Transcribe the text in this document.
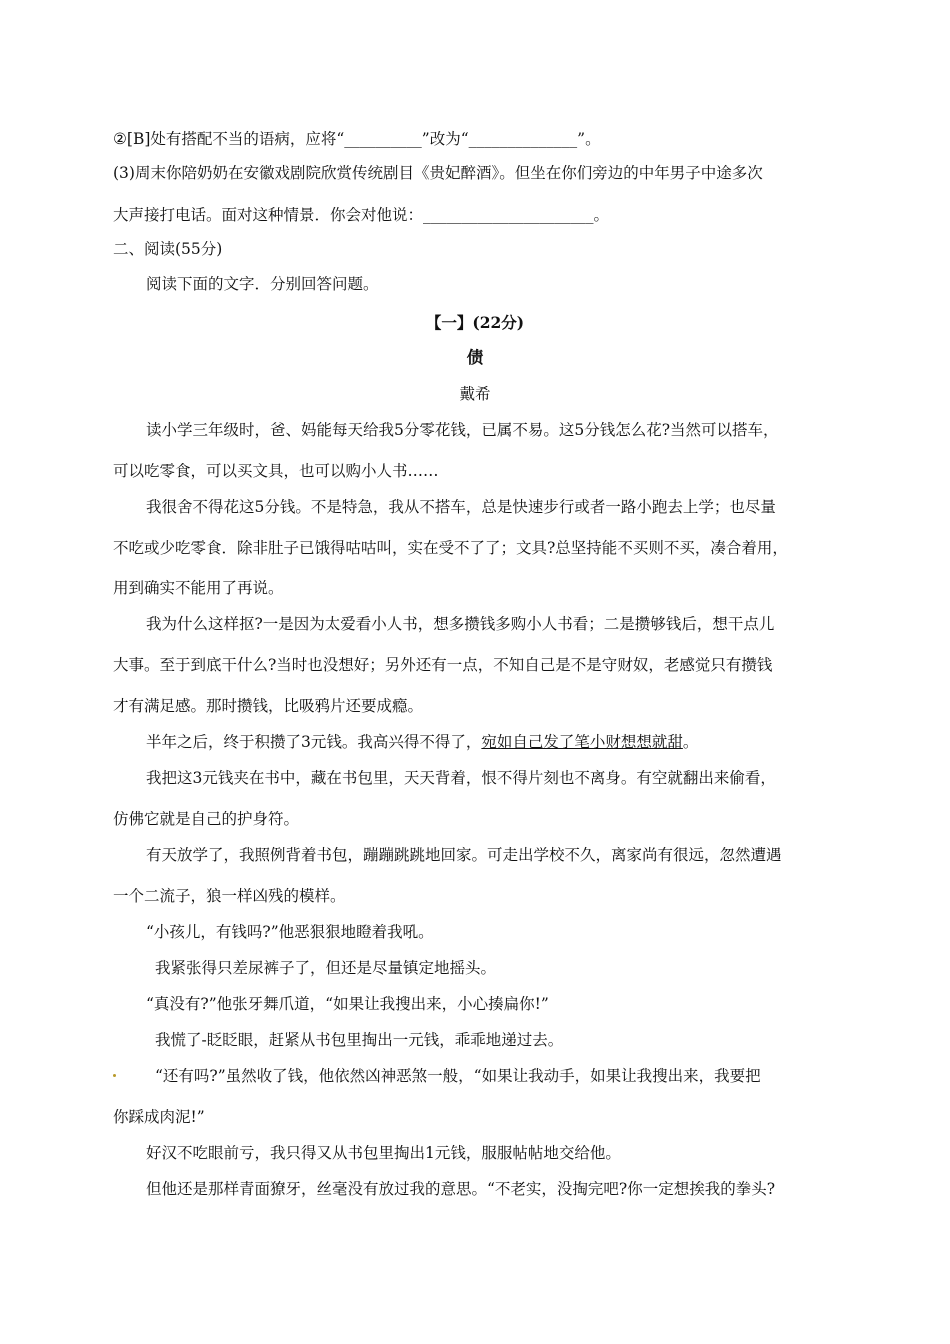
②[B]处有搭配不当的语病，应将“__________”改为“______________”。
(3)周末你陪奶奶在安徽戏剧院欣赏传统剧目《贵妃醉酒》。但坐在你们旁边的中年男子中途多次
大声接打电话。面对这种情景．你会对他说：______________________。
二、阅读(55分)
阅读下面的文字．分别回答问题。
【一】(22分)
债
戴希
读小学三年级时，爸、妈能每天给我5分零花钱，已属不易。这5分钱怎么花?当然可以搭车，
可以吃零食，可以买文具，也可以购小人书……
我很舍不得花这5分钱。不是特急，我从不搭车，总是快速步行或者一路小跑去上学；也尽量
不吃或少吃零食．除非肚子已饿得咕咕叫，实在受不了了；文具?总坚持能不买则不买，凑合着用，
用到确实不能用了再说。
我为什么这样抠?一是因为太爱看小人书，想多攒钱多购小人书看；二是攒够钱后，想干点儿
大事。至于到底干什么?当时也没想好；另外还有一点，不知自己是不是守财奴，老感觉只有攒钱
才有满足感。那时攒钱，比吸鸦片还要成瘾。
半年之后，终于积攒了3元钱。我高兴得不得了，宛如自己发了笔小财想想就甜。
我把这3元钱夹在书中，藏在书包里，天天背着，恨不得片刻也不离身。有空就翻出来偷看，
仿佛它就是自己的护身符。
有天放学了，我照例背着书包，蹦蹦跳跳地回家。可走出学校不久，离家尚有很远，忽然遭遇
一个二流子，狼一样凶残的模样。
“小孩儿，有钱吗?”他恶狠狠地瞪着我吼。
我紧张得只差尿裤子了，但还是尽量镇定地摇头。
“真没有?”他张牙舞爪道，“如果让我搜出来，小心揍扁你!”
我慌了-眨眨眼，赶紧从书包里掏出一元钱，乖乖地递过去。
“还有吗?”虽然收了钱，他依然凶神恶煞一般，“如果让我动手，如果让我搜出来，我要把
你踩成肉泥!”
好汉不吃眼前亏，我只得又从书包里掏出1元钱，服服帖帖地交给他。
但他还是那样青面獠牙，丝毫没有放过我的意思。“不老实，没掏完吧?你一定想挨我的拳头?
